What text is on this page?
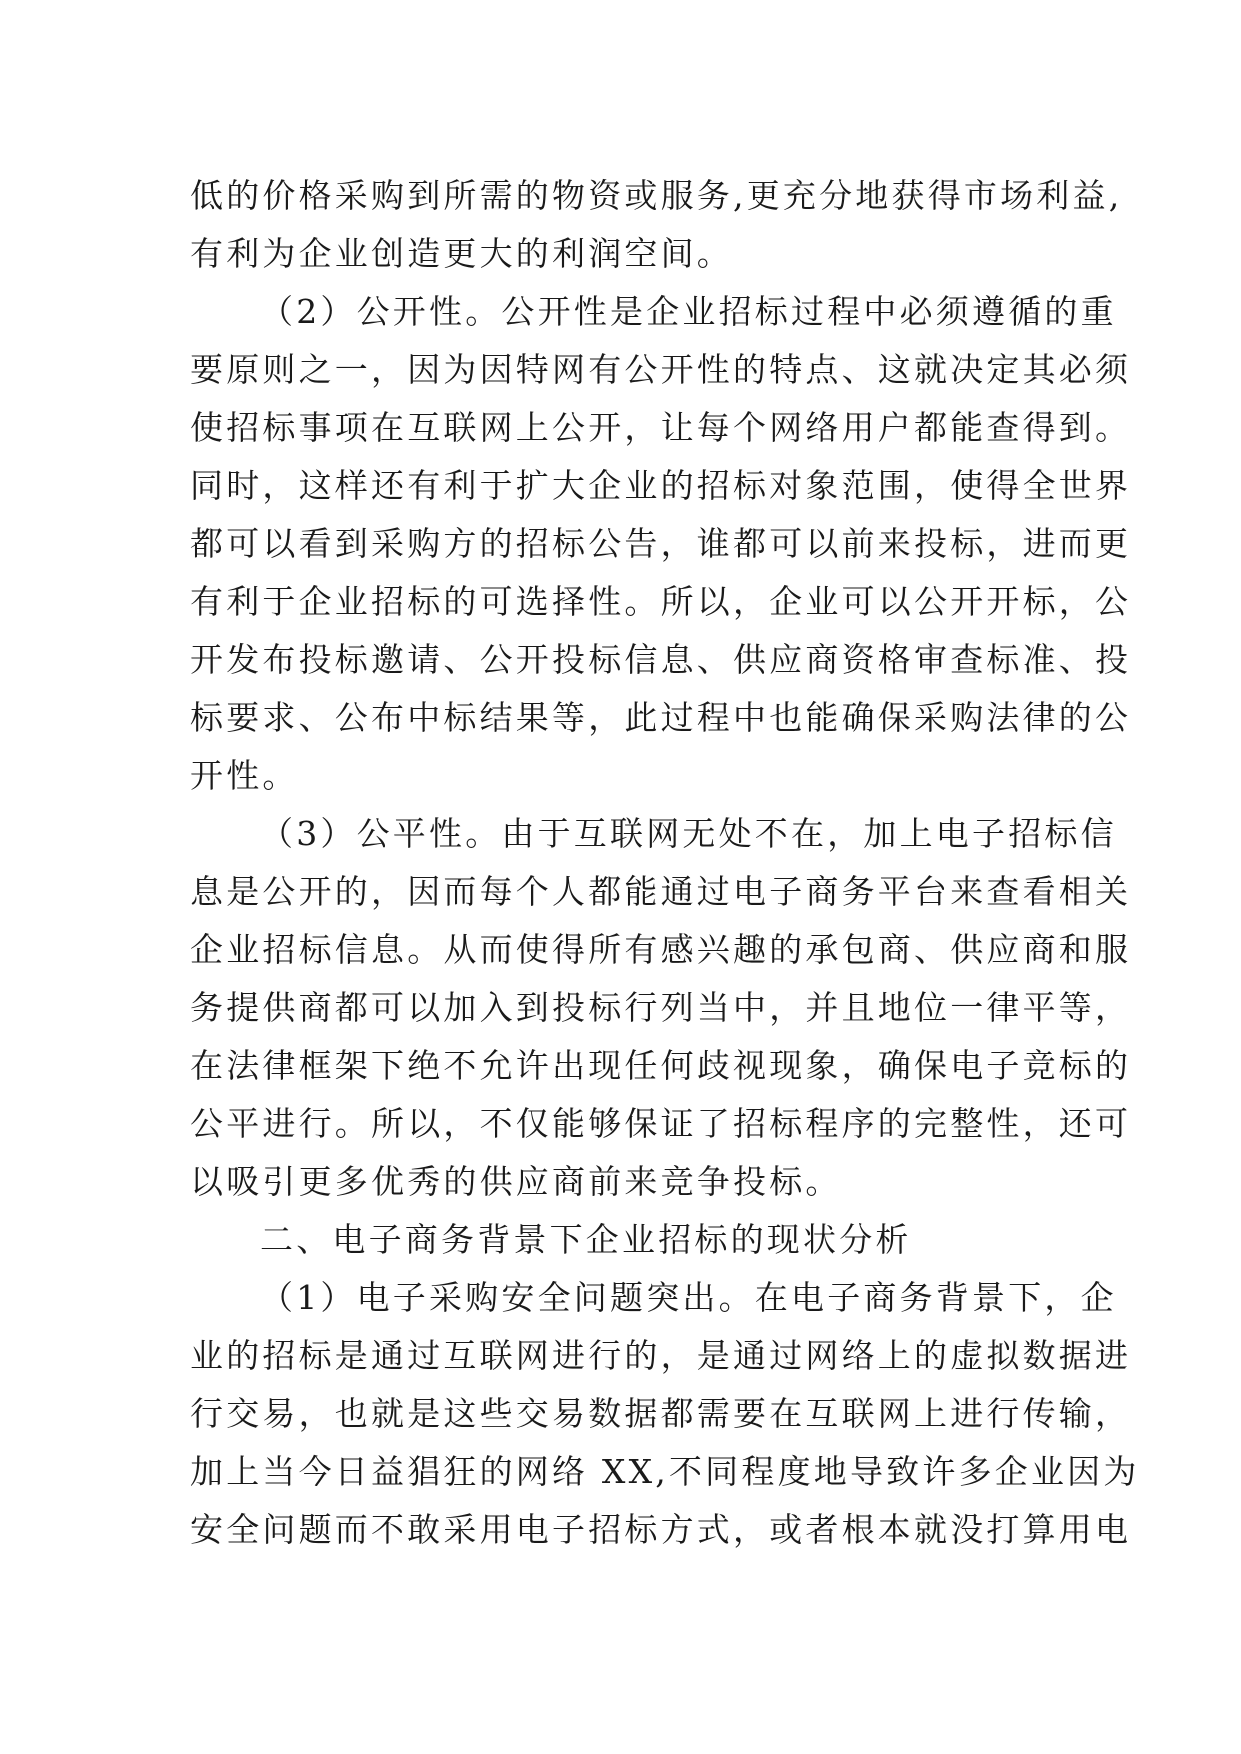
低的价格采购到所需的物资或服务,更充分地获得市场利益,
有利为企业创造更大的利润空间。
（2）公开性。公开性是企业招标过程中必须遵循的重
要原则之一，因为因特网有公开性的特点、这就决定其必须
使招标事项在互联网上公开，让每个网络用户都能查得到。
同时，这样还有利于扩大企业的招标对象范围，使得全世界
都可以看到采购方的招标公告，谁都可以前来投标，进而更
有利于企业招标的可选择性。所以，企业可以公开开标，公
开发布投标邀请、公开投标信息、供应商资格审查标准、投
标要求、公布中标结果等，此过程中也能确保采购法律的公
开性。
（3）公平性。由于互联网无处不在，加上电子招标信
息是公开的，因而每个人都能通过电子商务平台来查看相关
企业招标信息。从而使得所有感兴趣的承包商、供应商和服
务提供商都可以加入到投标行列当中，并且地位一律平等，
在法律框架下绝不允许出现任何歧视现象，确保电子竞标的
公平进行。所以，不仅能够保证了招标程序的完整性，还可
以吸引更多优秀的供应商前来竞争投标。
二、电子商务背景下企业招标的现状分析
（1）电子采购安全问题突出。在电子商务背景下，企
业的招标是通过互联网进行的，是通过网络上的虚拟数据进
行交易，也就是这些交易数据都需要在互联网上进行传输，
加上当今日益猖狂的网络 XX,不同程度地导致许多企业因为
安全问题而不敢采用电子招标方式，或者根本就没打算用电
